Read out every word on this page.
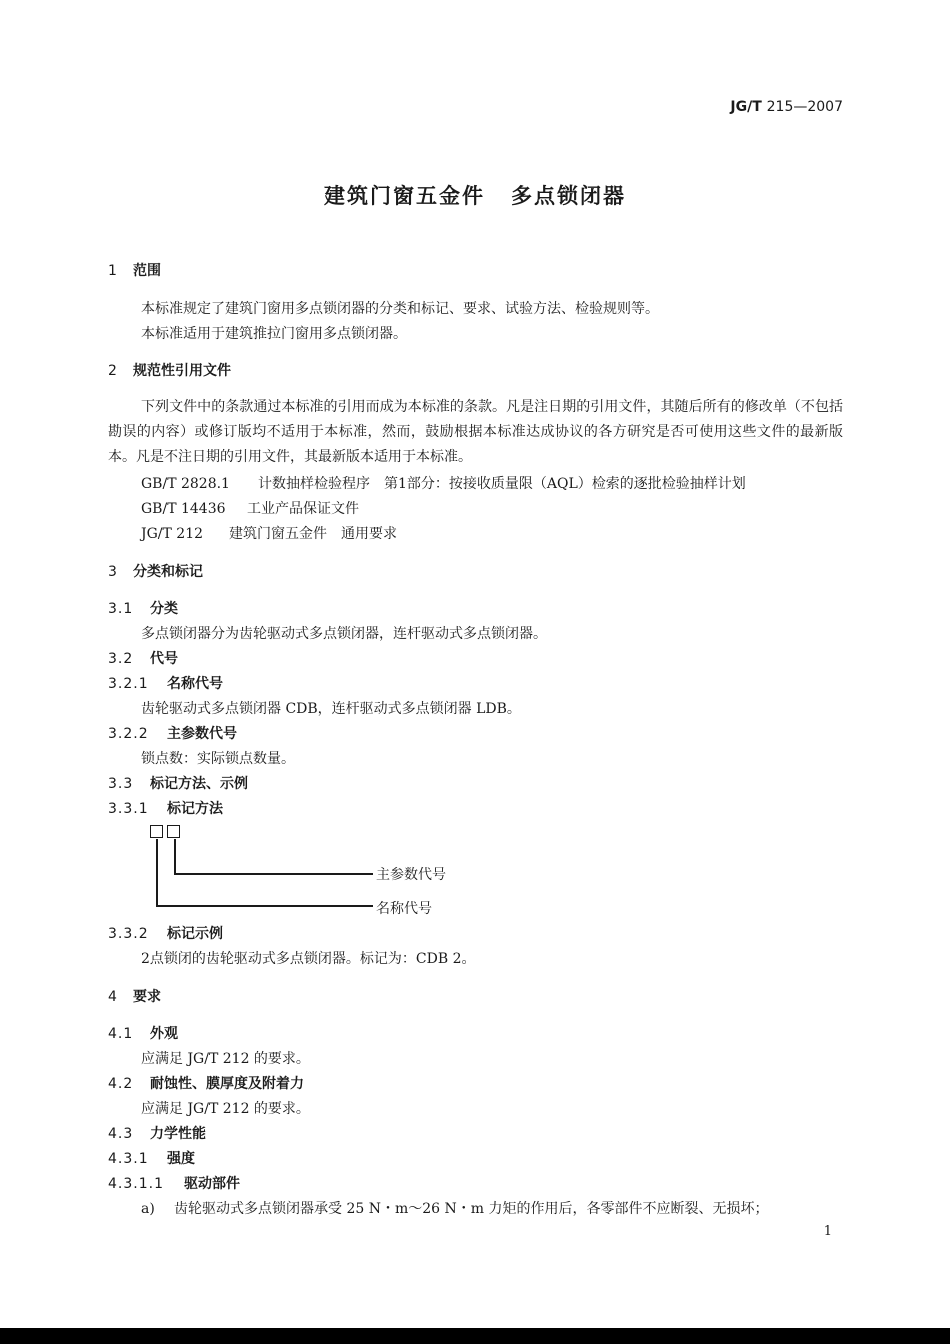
JG/T 215—2007
建筑门窗五金件 多点锁闭器
1 范围
本标准规定了建筑门窗用多点锁闭器的分类和标记、要求、试验方法、检验规则等。
本标准适用于建筑推拉门窗用多点锁闭器。
2 规范性引用文件
下列文件中的条款通过本标准的引用而成为本标准的条款。凡是注日期的引用文件，其随后所有的修改单（不包括勘误的内容）或修订版均不适用于本标准，然而，鼓励根据本标准达成协议的各方研究是否可使用这些文件的最新版本。凡是不注日期的引用文件，其最新版本适用于本标准。
GB/T 2828.1 计数抽样检验程序　第1部分：按接收质量限（AQL）检索的逐批检验抽样计划
GB/T 14436 工业产品保证文件
JG/T 212 建筑门窗五金件　通用要求
3 分类和标记
3.1 分类
多点锁闭器分为齿轮驱动式多点锁闭器，连杆驱动式多点锁闭器。
3.2 代号
3.2.1 名称代号
齿轮驱动式多点锁闭器 CDB，连杆驱动式多点锁闭器 LDB。
3.2.2 主参数代号
锁点数：实际锁点数量。
3.3 标记方法、示例
3.3.1 标记方法
主参数代号
名称代号
3.3.2 标记示例
2点锁闭的齿轮驱动式多点锁闭器。标记为：CDB 2。
4 要求
4.1 外观
应满足 JG/T 212 的要求。
4.2 耐蚀性、膜厚度及附着力
应满足 JG/T 212 的要求。
4.3 力学性能
4.3.1 强度
4.3.1.1 驱动部件
a) 齿轮驱动式多点锁闭器承受 25 N・m～26 N・m 力矩的作用后，各零部件不应断裂、无损坏；
1
